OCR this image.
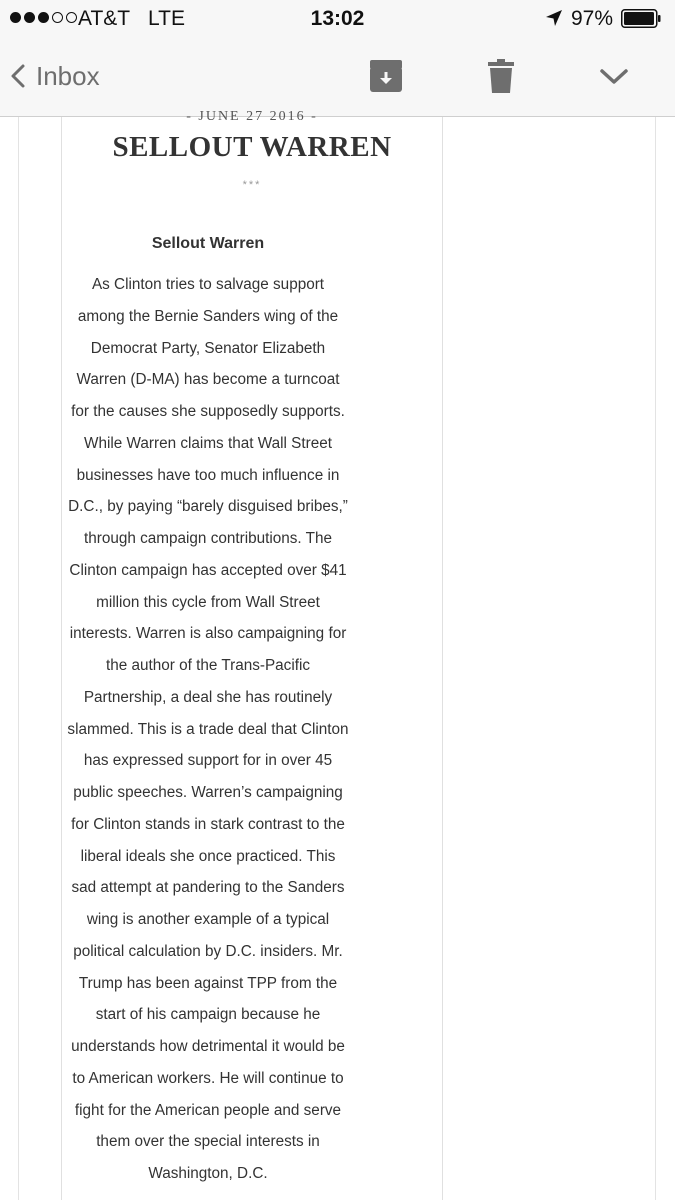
AT&T LTE	13:02	97%
Inbox
- JUNE 27 2016 -
SELLOUT WARREN
***
Sellout Warren
As Clinton tries to salvage support
among the Bernie Sanders wing of the
Democrat Party, Senator Elizabeth
Warren (D-MA) has become a turncoat
for the causes she supposedly supports.
While Warren claims that Wall Street
businesses have too much influence in
D.C., by paying “barely disguised bribes,”
through campaign contributions. The
Clinton campaign has accepted over $41
million this cycle from Wall Street
interests. Warren is also campaigning for
the author of the Trans-Pacific
Partnership, a deal she has routinely
slammed. This is a trade deal that Clinton
has expressed support for in over 45
public speeches. Warren’s campaigning
for Clinton stands in stark contrast to the
liberal ideals she once practiced. This
sad attempt at pandering to the Sanders
wing is another example of a typical
political calculation by D.C. insiders. Mr.
Trump has been against TPP from the
start of his campaign because he
understands how detrimental it would be
to American workers. He will continue to
fight for the American people and serve
them over the special interests in
Washington, D.C.
